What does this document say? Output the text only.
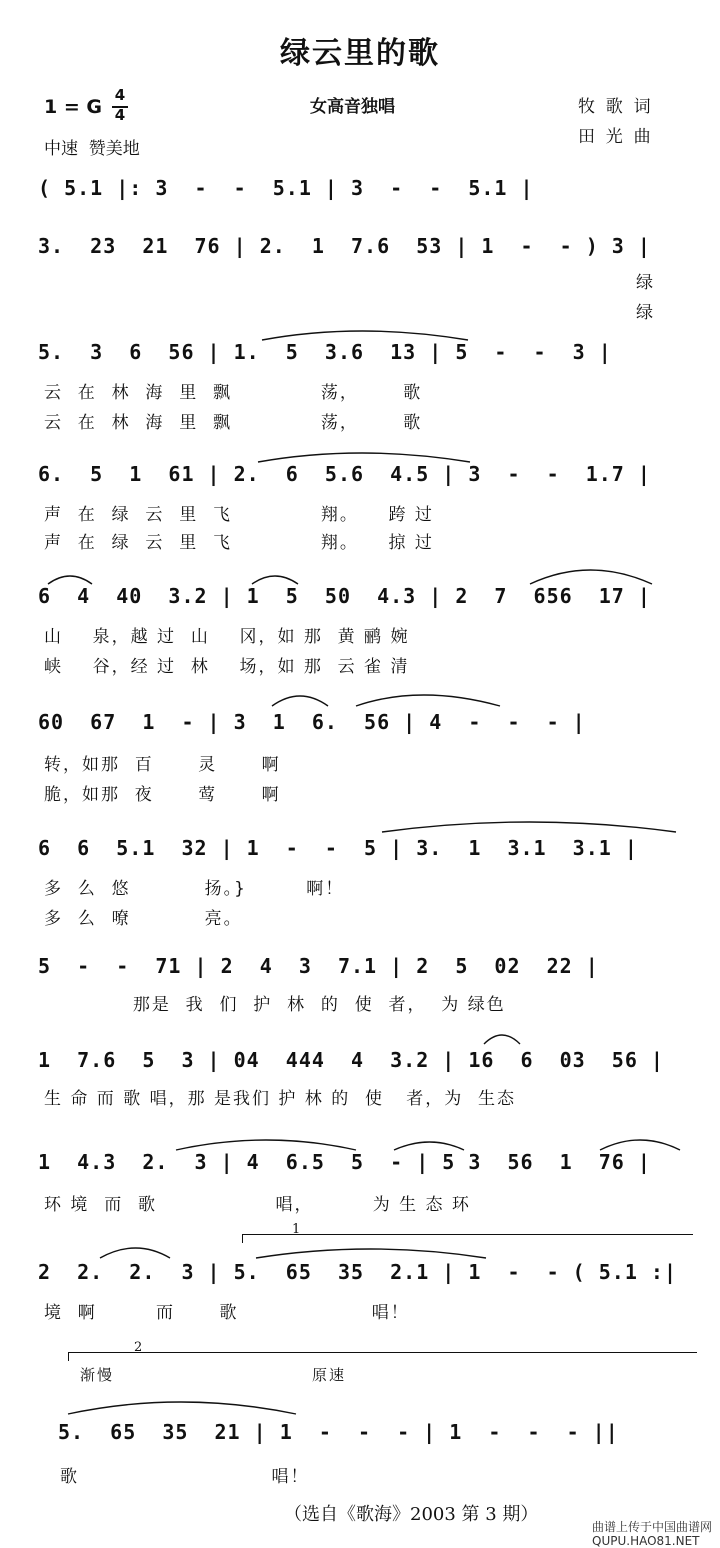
绿云里的歌
1 = G
4
4	女高音独唱
中速  赞美地
牧  歌  词
田  光  曲
( 5.1 |: 3  -  -  5.1 | 3  -  -  5.1 |
3.  23  21  76 | 2.  1  7.6  53 | 1  -  - ) 3 |
绿
绿
5.  3  6  56 | 1.  5  3.6  13 | 5  -  -  3 |
云  在  林  海  里  飘            荡，      歌
云  在  林  海  里  飘            荡，      歌
6.  5  1  61 | 2.  6  5.6  4.5 | 3  -  -  1.7 |
声  在  绿  云  里  飞            翔。    跨 过
声  在  绿  云  里  飞            翔。    掠 过
6  4  40  3.2 | 1  5  50  4.3 | 2  7  656  17 |
山    泉，越 过  山    冈，如 那  黄 鹂 婉
峡    谷，经 过  林    场，如 那  云 雀 清
60  67  1  - | 3  1  6.  56 | 4  -  -  - |
转，如那  百      灵      啊
脆，如那  夜      莺      啊
6  6  5.1  32 | 1  -  -  5 | 3.  1  3.1  3.1 |
多  么  悠          扬。}        啊！
多  么  嘹          亮。
5  -  -  71 | 2  4  3  7.1 | 2  5  02  22 |
那是  我  们  护  林  的  使  者，  为 绿色
1  7.6  5  3 | 04  444  4  3.2 | 16  6  03  56 |
生 命 而 歌 唱，那 是我们 护 林 的  使   者，为  生态
1  4.3  2.  3 | 4  6.5  5  - | 5 3  56  1  76 |
环 境  而  歌                唱，        为 生 态 环
1
2  2.  2.  3 | 5.  65  35  2.1 | 1  -  - ( 5.1 :|
境  啊        而      歌                  唱！
2
渐慢	原速
5.  65  35  21 | 1  -  -  - | 1  -  -  - ||
歌                          唱！
（选自《歌海》2003 第 3 期）
曲谱上传于中国曲谱网
QUPU.HAO81.NET
